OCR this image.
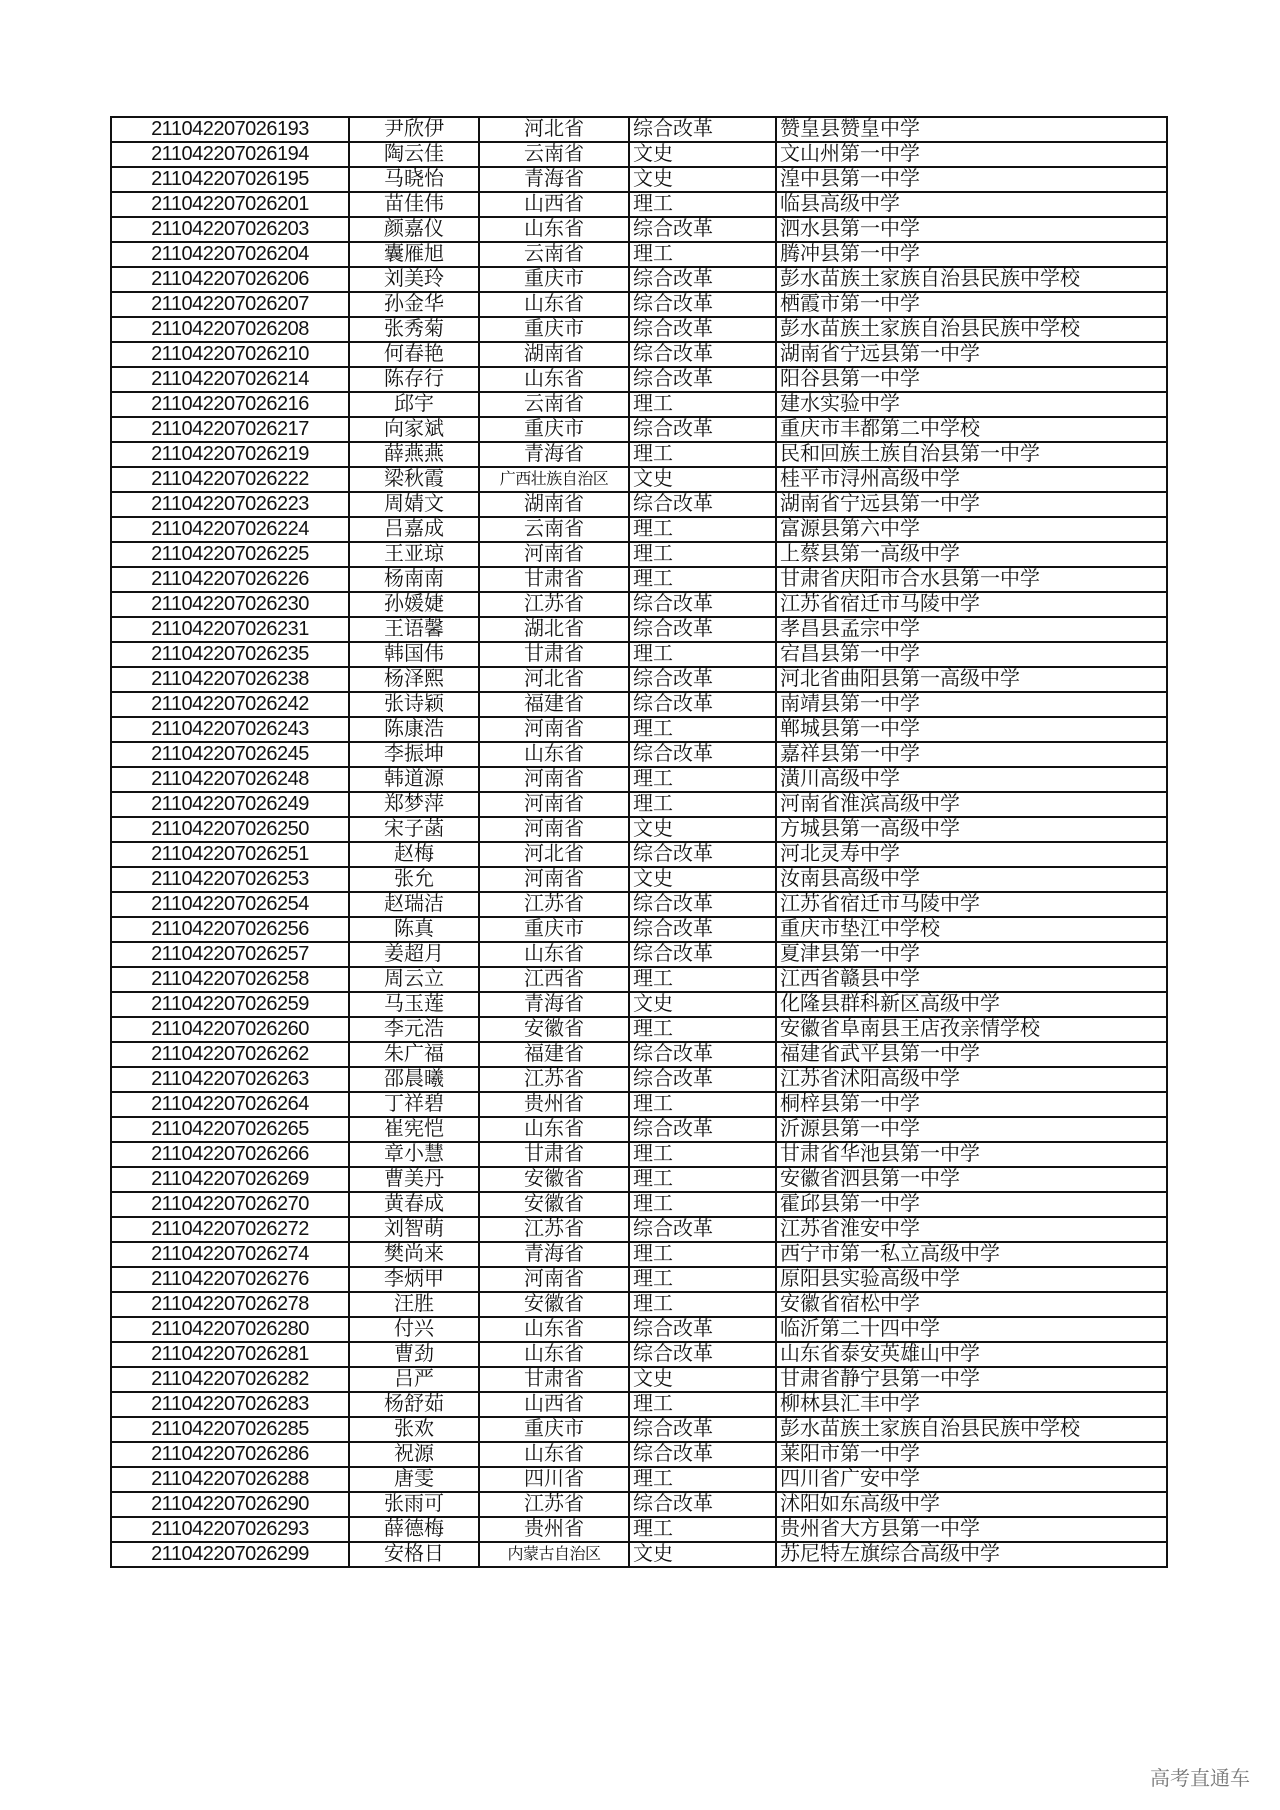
211042207026193	尹欣伊	河北省	综合改革	赞皇县赞皇中学
211042207026194	陶云佳	云南省	文史	文山州第一中学
211042207026195	马晓怡	青海省	文史	湟中县第一中学
211042207026201	苗佳伟	山西省	理工	临县高级中学
211042207026203	颜嘉仪	山东省	综合改革	泗水县第一中学
211042207026204	囊雁旭	云南省	理工	腾冲县第一中学
211042207026206	刘美玲	重庆市	综合改革	彭水苗族土家族自治县民族中学校
211042207026207	孙金华	山东省	综合改革	栖霞市第一中学
211042207026208	张秀菊	重庆市	综合改革	彭水苗族土家族自治县民族中学校
211042207026210	何春艳	湖南省	综合改革	湖南省宁远县第一中学
211042207026214	陈存行	山东省	综合改革	阳谷县第一中学
211042207026216	邱宇	云南省	理工	建水实验中学
211042207026217	向家斌	重庆市	综合改革	重庆市丰都第二中学校
211042207026219	薛燕燕	青海省	理工	民和回族土族自治县第一中学
211042207026222	梁秋霞	广西壮族自治区	文史	桂平市浔州高级中学
211042207026223	周婧文	湖南省	综合改革	湖南省宁远县第一中学
211042207026224	吕嘉成	云南省	理工	富源县第六中学
211042207026225	王亚琼	河南省	理工	上蔡县第一高级中学
211042207026226	杨南南	甘肃省	理工	甘肃省庆阳市合水县第一中学
211042207026230	孙媛婕	江苏省	综合改革	江苏省宿迁市马陵中学
211042207026231	王语馨	湖北省	综合改革	孝昌县孟宗中学
211042207026235	韩国伟	甘肃省	理工	宕昌县第一中学
211042207026238	杨泽熙	河北省	综合改革	河北省曲阳县第一高级中学
211042207026242	张诗颖	福建省	综合改革	南靖县第一中学
211042207026243	陈康浩	河南省	理工	郸城县第一中学
211042207026245	李振坤	山东省	综合改革	嘉祥县第一中学
211042207026248	韩道源	河南省	理工	潢川高级中学
211042207026249	郑梦萍	河南省	理工	河南省淮滨高级中学
211042207026250	宋子菡	河南省	文史	方城县第一高级中学
211042207026251	赵梅	河北省	综合改革	河北灵寿中学
211042207026253	张允	河南省	文史	汝南县高级中学
211042207026254	赵瑞洁	江苏省	综合改革	江苏省宿迁市马陵中学
211042207026256	陈真	重庆市	综合改革	重庆市垫江中学校
211042207026257	姜超月	山东省	综合改革	夏津县第一中学
211042207026258	周云立	江西省	理工	江西省赣县中学
211042207026259	马玉莲	青海省	文史	化隆县群科新区高级中学
211042207026260	李元浩	安徽省	理工	安徽省阜南县王店孜亲情学校
211042207026262	朱广福	福建省	综合改革	福建省武平县第一中学
211042207026263	邵晨曦	江苏省	综合改革	江苏省沭阳高级中学
211042207026264	丁祥碧	贵州省	理工	桐梓县第一中学
211042207026265	崔宪恺	山东省	综合改革	沂源县第一中学
211042207026266	章小慧	甘肃省	理工	甘肃省华池县第一中学
211042207026269	曹美丹	安徽省	理工	安徽省泗县第一中学
211042207026270	黄春成	安徽省	理工	霍邱县第一中学
211042207026272	刘智萌	江苏省	综合改革	江苏省淮安中学
211042207026274	樊尚来	青海省	理工	西宁市第一私立高级中学
211042207026276	李炳甲	河南省	理工	原阳县实验高级中学
211042207026278	汪胜	安徽省	理工	安徽省宿松中学
211042207026280	付兴	山东省	综合改革	临沂第二十四中学
211042207026281	曹劲	山东省	综合改革	山东省泰安英雄山中学
211042207026282	吕严	甘肃省	文史	甘肃省静宁县第一中学
211042207026283	杨舒茹	山西省	理工	柳林县汇丰中学
211042207026285	张欢	重庆市	综合改革	彭水苗族土家族自治县民族中学校
211042207026286	祝源	山东省	综合改革	莱阳市第一中学
211042207026288	唐雯	四川省	理工	四川省广安中学
211042207026290	张雨可	江苏省	综合改革	沭阳如东高级中学
211042207026293	薛德梅	贵州省	理工	贵州省大方县第一中学
211042207026299	安格日	内蒙古自治区	文史	苏尼特左旗综合高级中学
高考直通车
